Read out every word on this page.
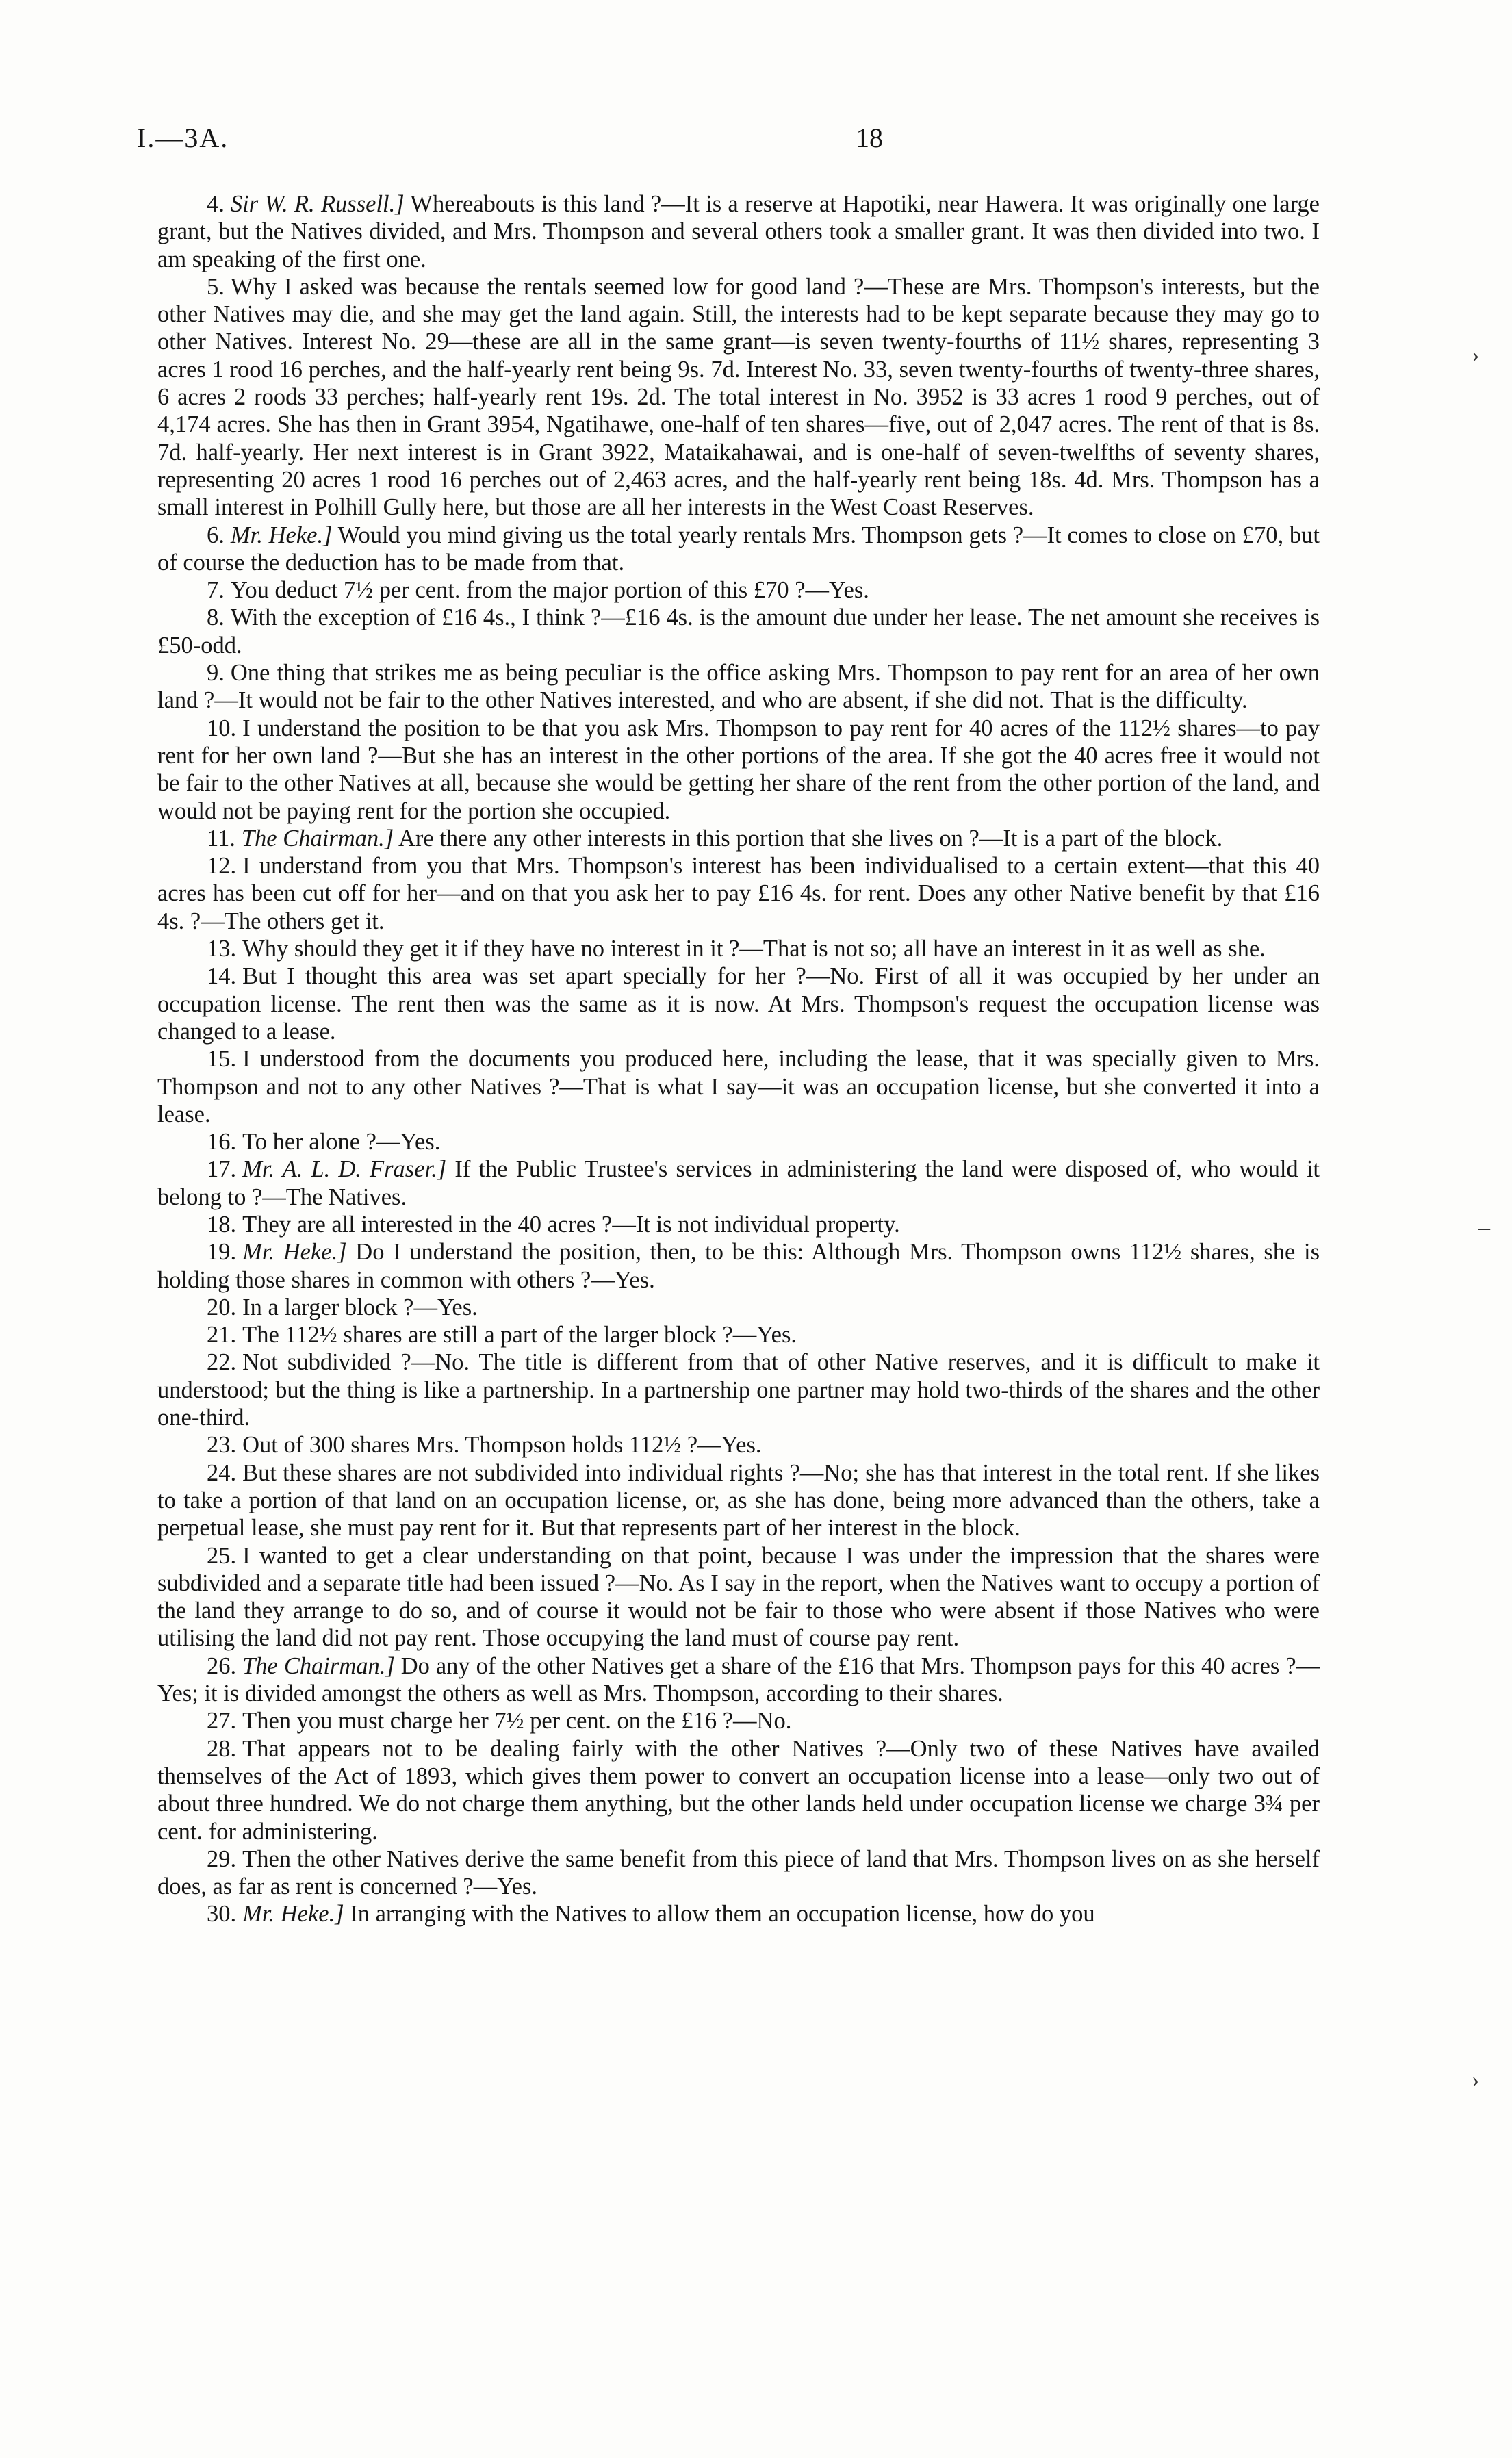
I.—3A.	18

4. Sir W. R. Russell.] Whereabouts is this land ?—It is a reserve at Hapotiki, near Hawera. It was originally one large grant, but the Natives divided, and Mrs. Thompson and several others took a smaller grant. It was then divided into two. I am speaking of the first one.

5. Why I asked was because the rentals seemed low for good land ?—These are Mrs. Thompson's interests, but the other Natives may die, and she may get the land again. Still, the interests had to be kept separate because they may go to other Natives. Interest No. 29—these are all in the same grant—is seven twenty-fourths of 11½ shares, representing 3 acres 1 rood 16 perches, and the half-yearly rent being 9s. 7d. Interest No. 33, seven twenty-fourths of twenty-three shares, 6 acres 2 roods 33 perches; half-yearly rent 19s. 2d. The total interest in No. 3952 is 33 acres 1 rood 9 perches, out of 4,174 acres. She has then in Grant 3954, Ngatihawe, one-half of ten shares—five, out of 2,047 acres. The rent of that is 8s. 7d. half-yearly. Her next interest is in Grant 3922, Mataikahawai, and is one-half of seven-twelfths of seventy shares, representing 20 acres 1 rood 16 perches out of 2,463 acres, and the half-yearly rent being 18s. 4d. Mrs. Thompson has a small interest in Polhill Gully here, but those are all her interests in the West Coast Reserves.

6. Mr. Heke.] Would you mind giving us the total yearly rentals Mrs. Thompson gets ?—It comes to close on £70, but of course the deduction has to be made from that.

7. You deduct 7½ per cent. from the major portion of this £70 ?—Yes.

8. With the exception of £16 4s., I think ?—£16 4s. is the amount due under her lease. The net amount she receives is £50-odd.

9. One thing that strikes me as being peculiar is the office asking Mrs. Thompson to pay rent for an area of her own land ?—It would not be fair to the other Natives interested, and who are absent, if she did not. That is the difficulty.

10. I understand the position to be that you ask Mrs. Thompson to pay rent for 40 acres of the 112½ shares—to pay rent for her own land ?—But she has an interest in the other portions of the area. If she got the 40 acres free it would not be fair to the other Natives at all, because she would be getting her share of the rent from the other portion of the land, and would not be paying rent for the portion she occupied.

11. The Chairman.] Are there any other interests in this portion that she lives on ?—It is a part of the block.

12. I understand from you that Mrs. Thompson's interest has been individualised to a certain extent—that this 40 acres has been cut off for her—and on that you ask her to pay £16 4s. for rent. Does any other Native benefit by that £16 4s. ?—The others get it.

13. Why should they get it if they have no interest in it ?—That is not so; all have an interest in it as well as she.

14. But I thought this area was set apart specially for her ?—No. First of all it was occupied by her under an occupation license. The rent then was the same as it is now. At Mrs. Thompson's request the occupation license was changed to a lease.

15. I understood from the documents you produced here, including the lease, that it was specially given to Mrs. Thompson and not to any other Natives ?—That is what I say—it was an occupation license, but she converted it into a lease.

16. To her alone ?—Yes.

17. Mr. A. L. D. Fraser.] If the Public Trustee's services in administering the land were disposed of, who would it belong to ?—The Natives.

18. They are all interested in the 40 acres ?—It is not individual property.

19. Mr. Heke.] Do I understand the position, then, to be this: Although Mrs. Thompson owns 112½ shares, she is holding those shares in common with others ?—Yes.

20. In a larger block ?—Yes.

21. The 112½ shares are still a part of the larger block ?—Yes.

22. Not subdivided ?—No. The title is different from that of other Native reserves, and it is difficult to make it understood; but the thing is like a partnership. In a partnership one partner may hold two-thirds of the shares and the other one-third.

23. Out of 300 shares Mrs. Thompson holds 112½ ?—Yes.

24. But these shares are not subdivided into individual rights ?—No; she has that interest in the total rent. If she likes to take a portion of that land on an occupation license, or, as she has done, being more advanced than the others, take a perpetual lease, she must pay rent for it. But that represents part of her interest in the block.

25. I wanted to get a clear understanding on that point, because I was under the impression that the shares were subdivided and a separate title had been issued ?—No. As I say in the report, when the Natives want to occupy a portion of the land they arrange to do so, and of course it would not be fair to those who were absent if those Natives who were utilising the land did not pay rent. Those occupying the land must of course pay rent.

26. The Chairman.] Do any of the other Natives get a share of the £16 that Mrs. Thompson pays for this 40 acres ?—Yes; it is divided amongst the others as well as Mrs. Thompson, according to their shares.

27. Then you must charge her 7½ per cent. on the £16 ?—No.

28. That appears not to be dealing fairly with the other Natives ?—Only two of these Natives have availed themselves of the Act of 1893, which gives them power to convert an occupation license into a lease—only two out of about three hundred. We do not charge them anything, but the other lands held under occupation license we charge 3¾ per cent. for administering.

29. Then the other Natives derive the same benefit from this piece of land that Mrs. Thompson lives on as she herself does, as far as rent is concerned ?—Yes.

30. Mr. Heke.] In arranging with the Natives to allow them an occupation license, how do you

›
–
›
